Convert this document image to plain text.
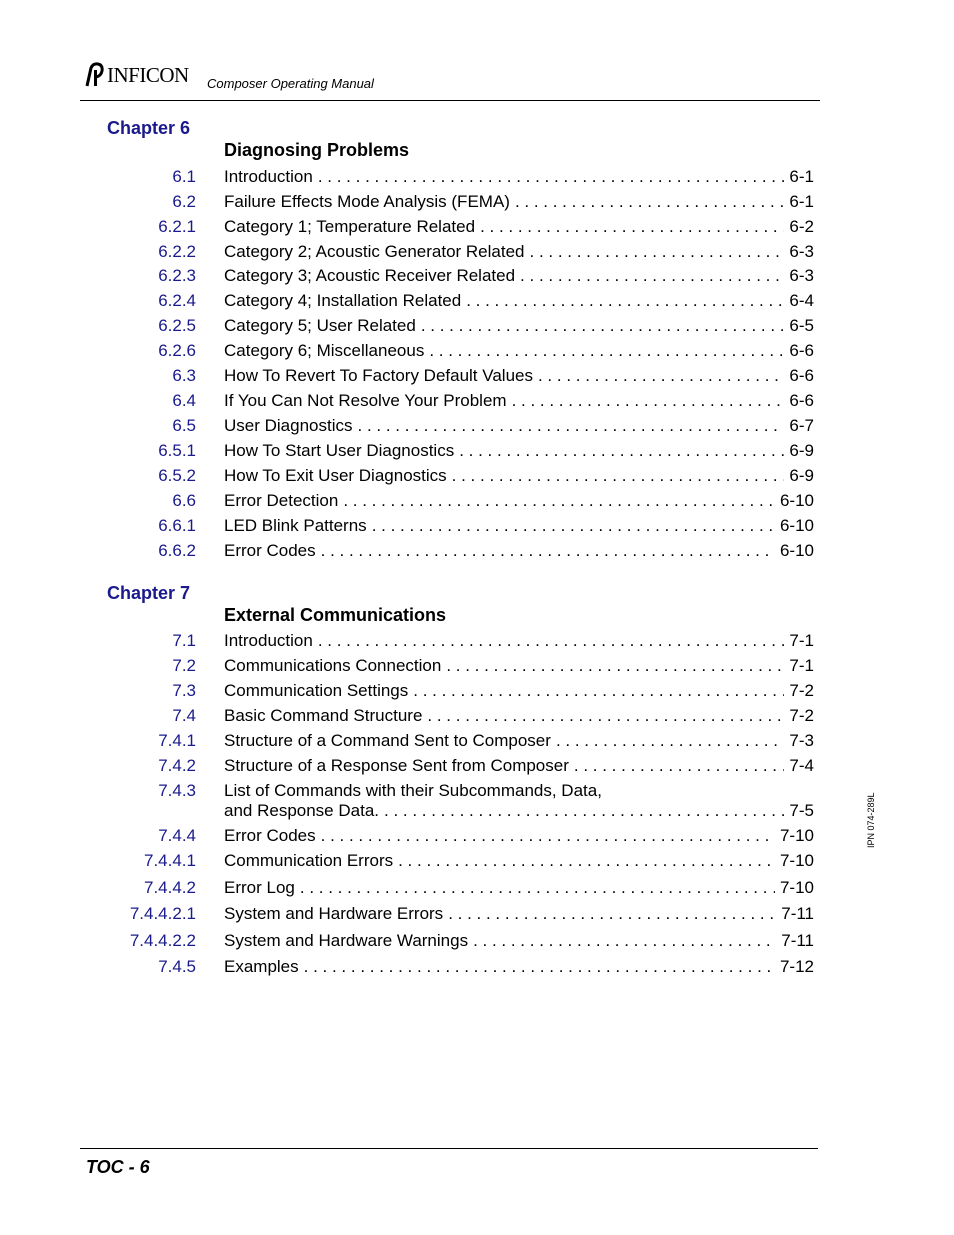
INFICON Composer Operating Manual
Chapter 6
Diagnosing Problems
6.1 Introduction . . .	6-1
6.2 Failure Effects Mode Analysis (FEMA) . . .	6-1
6.2.1 Category 1; Temperature Related . . .	6-2
6.2.2 Category 2; Acoustic Generator Related . . .	6-3
6.2.3 Category 3; Acoustic Receiver Related . . .	6-3
6.2.4 Category 4; Installation Related . . .	6-4
6.2.5 Category 5; User Related . . .	6-5
6.2.6 Category 6; Miscellaneous . . .	6-6
6.3 How To Revert To Factory Default Values . . .	6-6
6.4 If You Can Not Resolve Your Problem . . .	6-6
6.5 User Diagnostics . . .	6-7
6.5.1 How To Start User Diagnostics . . .	6-9
6.5.2 How To Exit User Diagnostics . . .	6-9
6.6 Error Detection . . .	6-10
6.6.1 LED Blink Patterns . . .	6-10
6.6.2 Error Codes . . .	6-10
Chapter 7
External Communications
7.1 Introduction . . .	7-1
7.2 Communications Connection . . .	7-1
7.3 Communication Settings . . .	7-2
7.4 Basic Command Structure . . .	7-2
7.4.1 Structure of a Command Sent to Composer . . .	7-3
7.4.2 Structure of a Response Sent from Composer . . .	7-4
7.4.3 List of Commands with their Subcommands, Data,
and Response Data. . . .	7-5
7.4.4 Error Codes . . .	7-10
7.4.4.1 Communication Errors . . .	7-10
7.4.4.2 Error Log . . .	7-10
7.4.4.2.1 System and Hardware Errors . . .	7-11
7.4.4.2.2 System and Hardware Warnings . . .	7-11
7.4.5 Examples . . .	7-12
TOC - 6
IPN 074-289L
